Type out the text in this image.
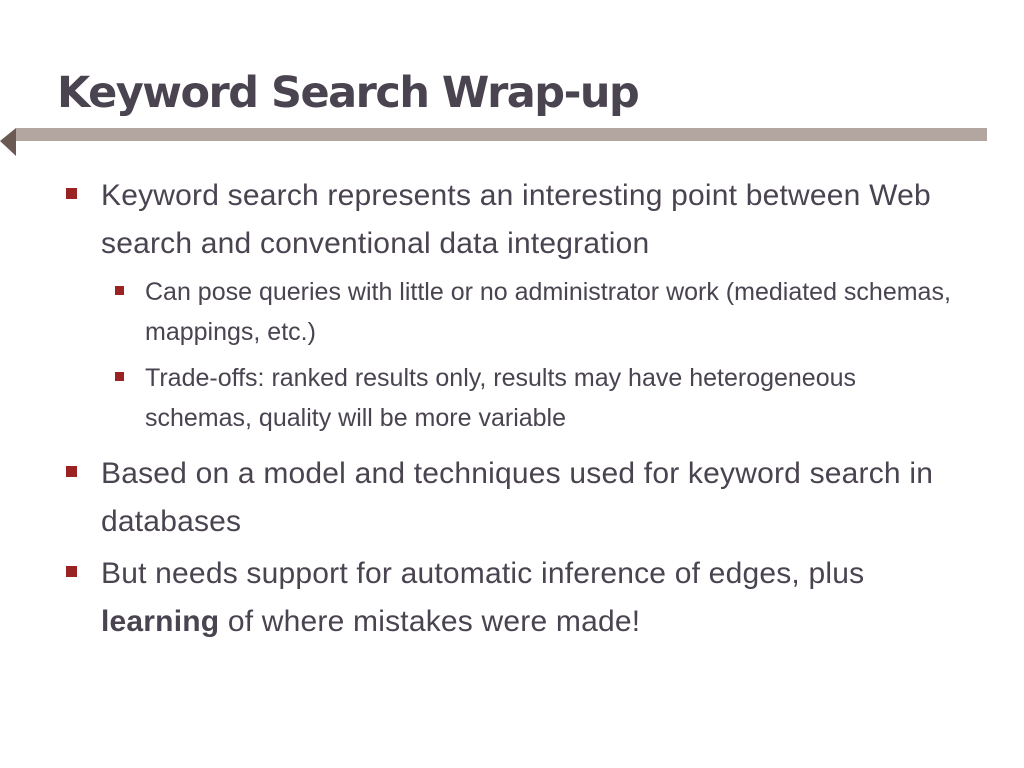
Keyword Search Wrap-up
Keyword search represents an interesting point between Web search and conventional data integration
Can pose queries with little or no administrator work (mediated schemas, mappings, etc.)
Trade-offs: ranked results only, results may have heterogeneous schemas, quality will be more variable
Based on a model and techniques used for keyword search in databases
But needs support for automatic inference of edges, plus learning of where mistakes were made!
